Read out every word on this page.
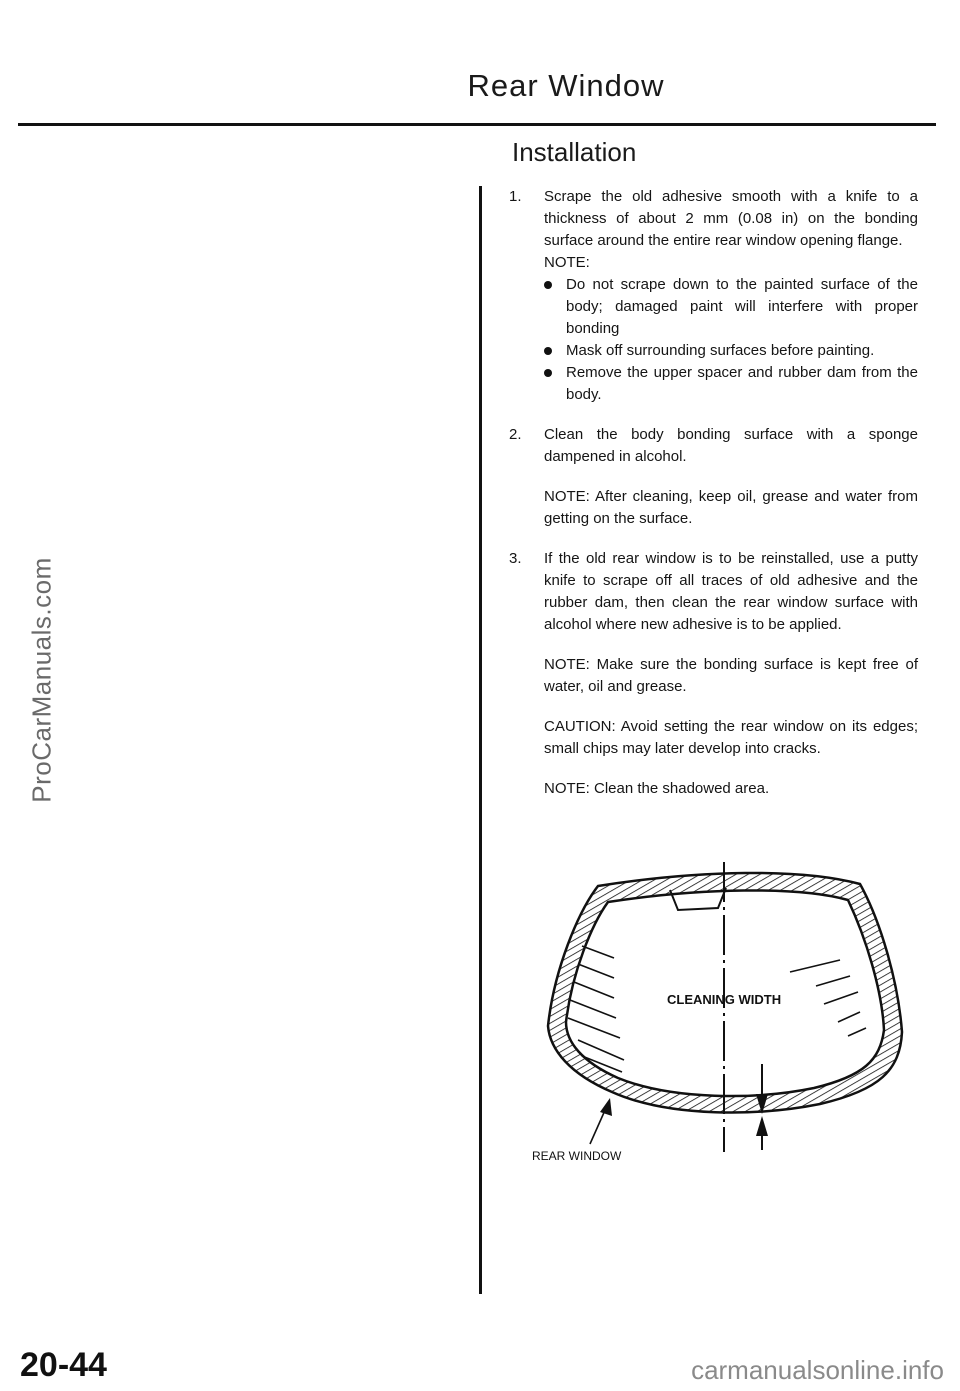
Rear Window
Installation
ProCarManuals.com
1. Scrape the old adhesive smooth with a knife to a thickness of about 2 mm (0.08 in) on the bonding surface around the entire rear window opening flange.

NOTE:

Do not scrape down to the painted surface of the body; damaged paint will interfere with proper bonding
Mask off surrounding surfaces before painting.
Remove the upper spacer and rubber dam from the body.
2. Clean the body bonding surface with a sponge dampened in alcohol.

NOTE: After cleaning, keep oil, grease and water from getting on the surface.

3. If the old rear window is to be reinstalled, use a putty knife to scrape off all traces of old adhesive and the rubber dam, then clean the rear window surface with alcohol where new adhesive is to be applied.

NOTE: Make sure the bonding surface is kept free of water, oil and grease.

CAUTION: Avoid setting the rear window on its edges; small chips may later develop into cracks.

NOTE: Clean the shadowed area.

CLEANING WIDTH
REAR WINDOW
20-44	carmanualsonline.info
